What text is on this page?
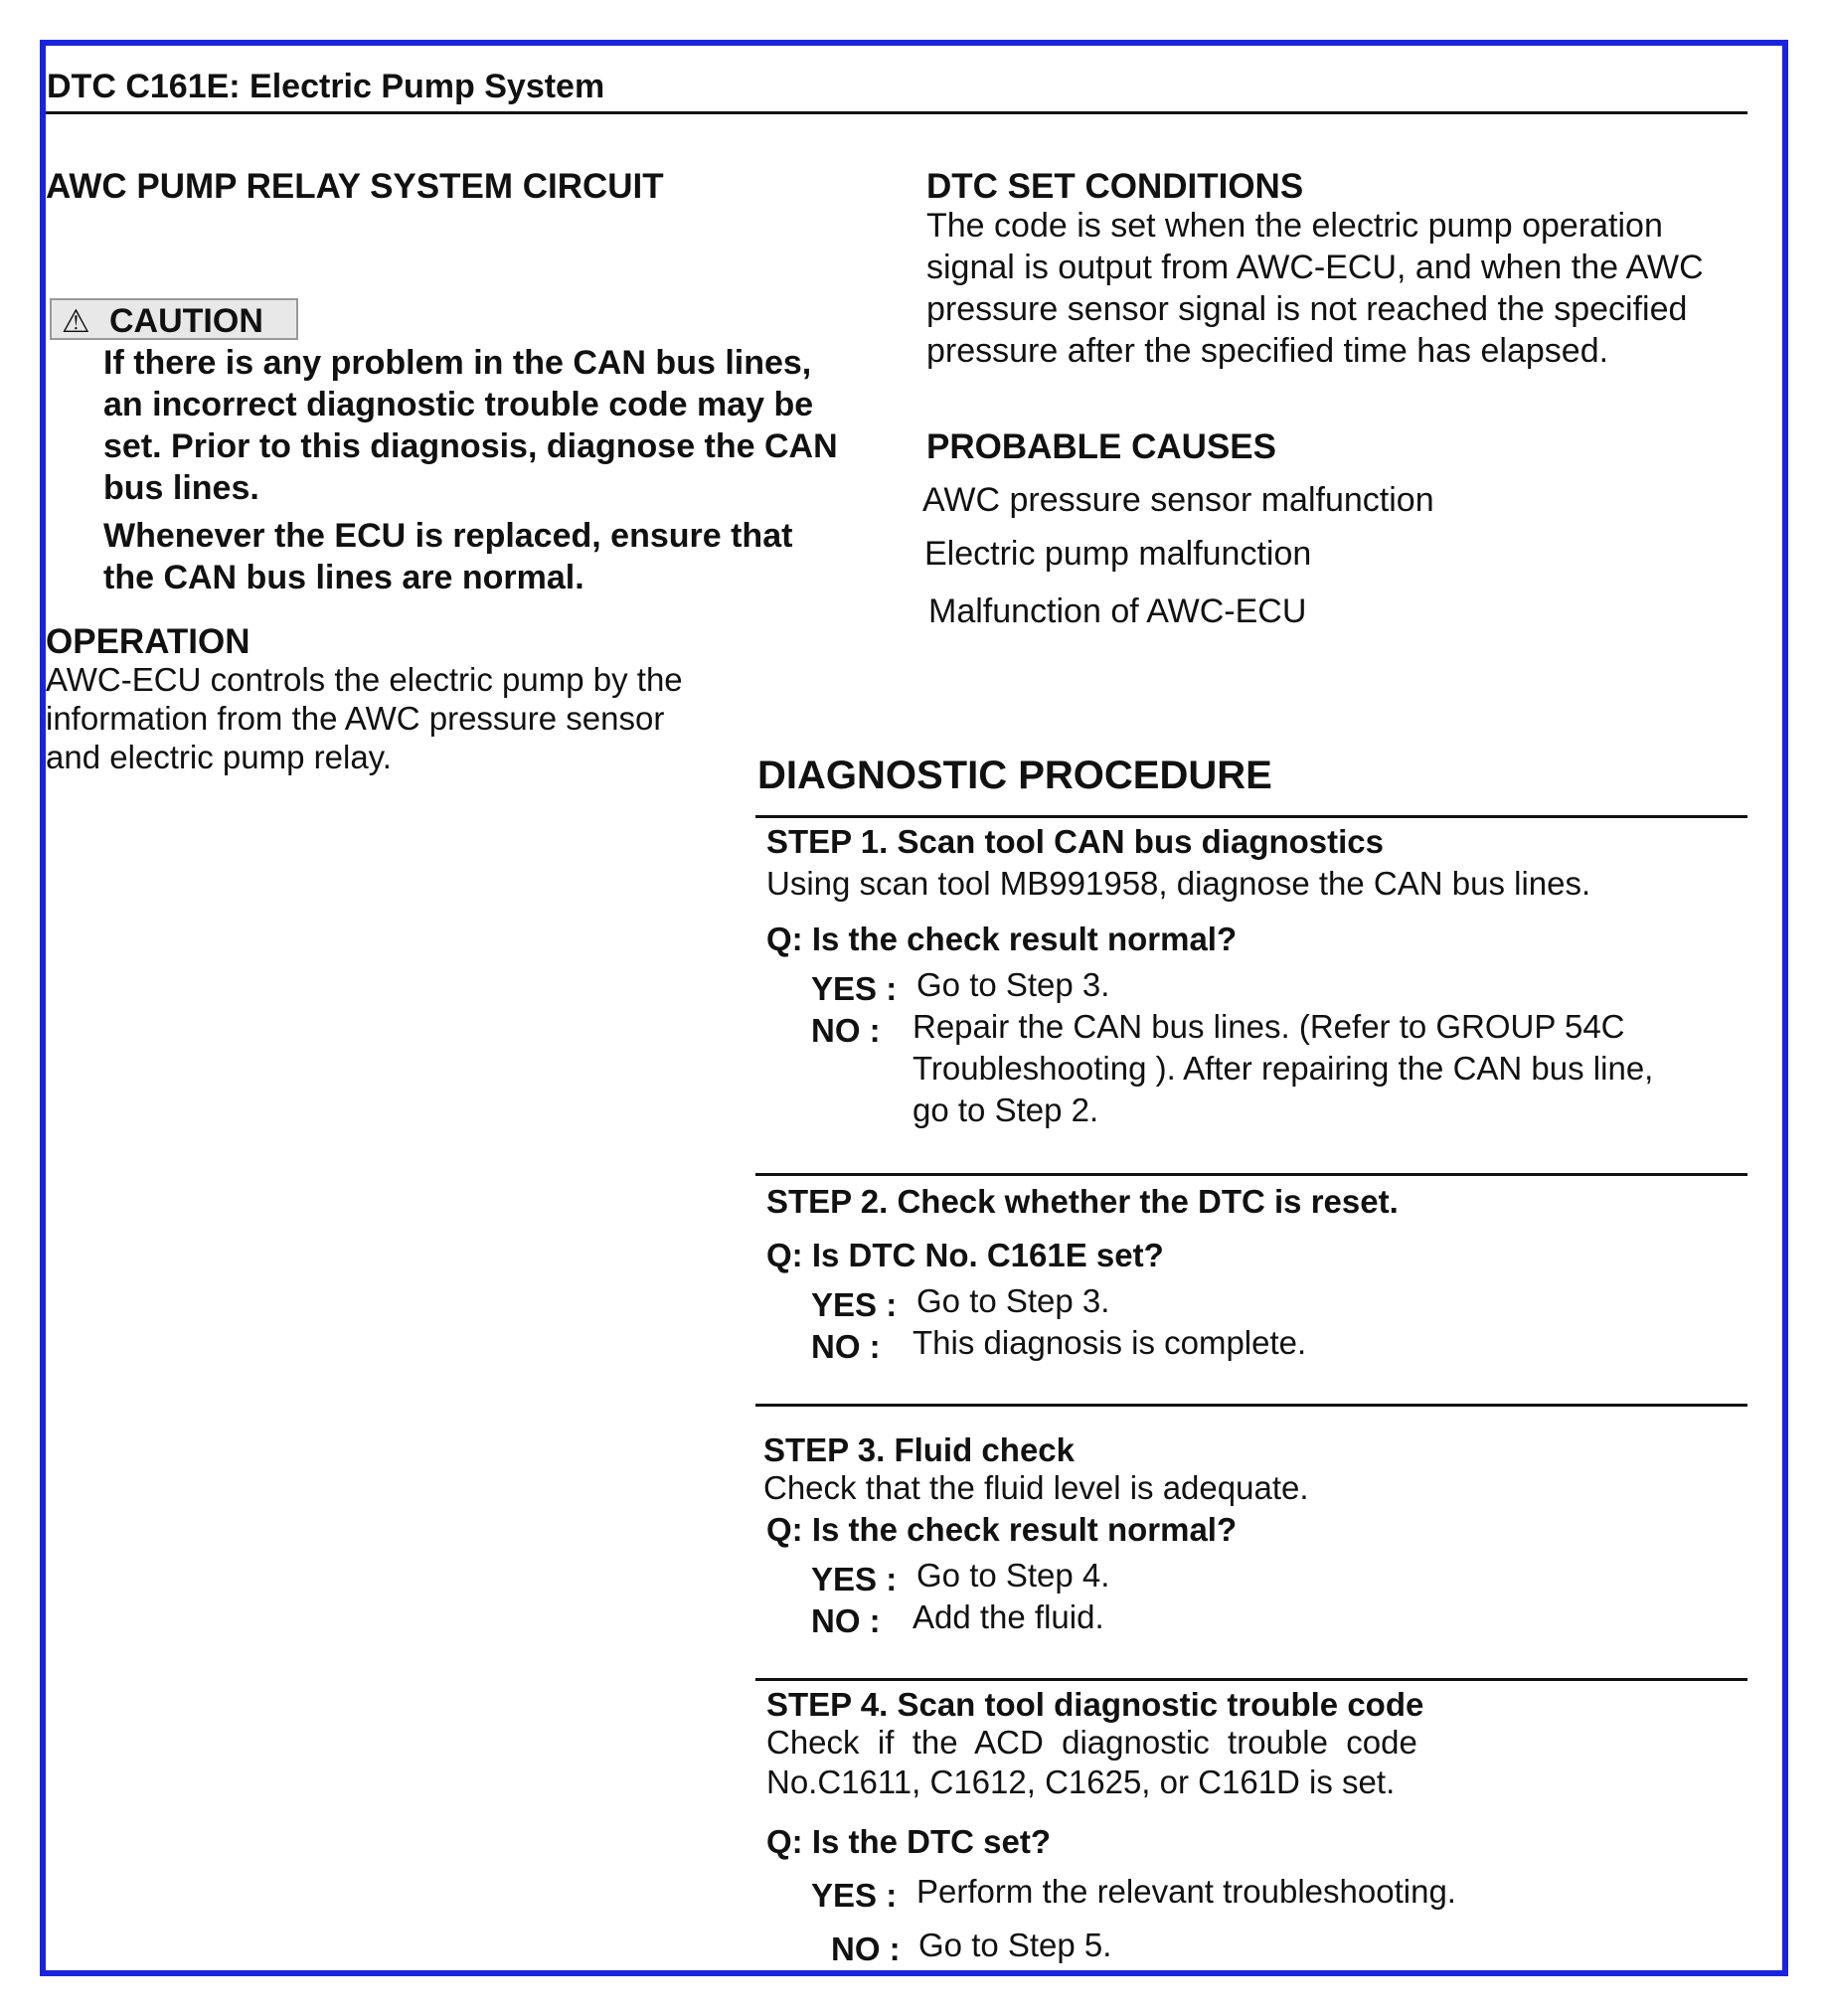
DTC C161E: Electric Pump System
AWC PUMP RELAY SYSTEM CIRCUIT
⚠ CAUTION
If there is any problem in the CAN bus lines,
an incorrect diagnostic trouble code may be
set. Prior to this diagnosis, diagnose the CAN
bus lines.
Whenever the ECU is replaced, ensure that
the CAN bus lines are normal.
OPERATION
AWC-ECU controls the electric pump by the
information from the AWC pressure sensor
and electric pump relay.
DTC SET CONDITIONS
The code is set when the electric pump operation
signal is output from AWC-ECU, and when the AWC
pressure sensor signal is not reached the specified
pressure after the specified time has elapsed.
PROBABLE CAUSES
AWC pressure sensor malfunction
Electric pump malfunction
Malfunction of AWC-ECU
DIAGNOSTIC PROCEDURE
STEP 1. Scan tool CAN bus diagnostics
Using scan tool MB991958, diagnose the CAN bus lines.
Q: Is the check result normal?
YES : Go to Step 3.
NO : Repair the CAN bus lines. (Refer to GROUP 54C
Troubleshooting ). After repairing the CAN bus line,
go to Step 2.
STEP 2. Check whether the DTC is reset.
Q: Is DTC No. C161E set?
YES : Go to Step 3.
NO : This diagnosis is complete.
STEP 3. Fluid check
Check that the fluid level is adequate.
Q: Is the check result normal?
YES : Go to Step 4.
NO : Add the fluid.
STEP 4. Scan tool diagnostic trouble code
Check  if  the  ACD  diagnostic  trouble  code
No.C1611, C1612, C1625, or C161D is set.
Q: Is the DTC set?
YES : Perform the relevant troubleshooting.
NO : Go to Step 5.
